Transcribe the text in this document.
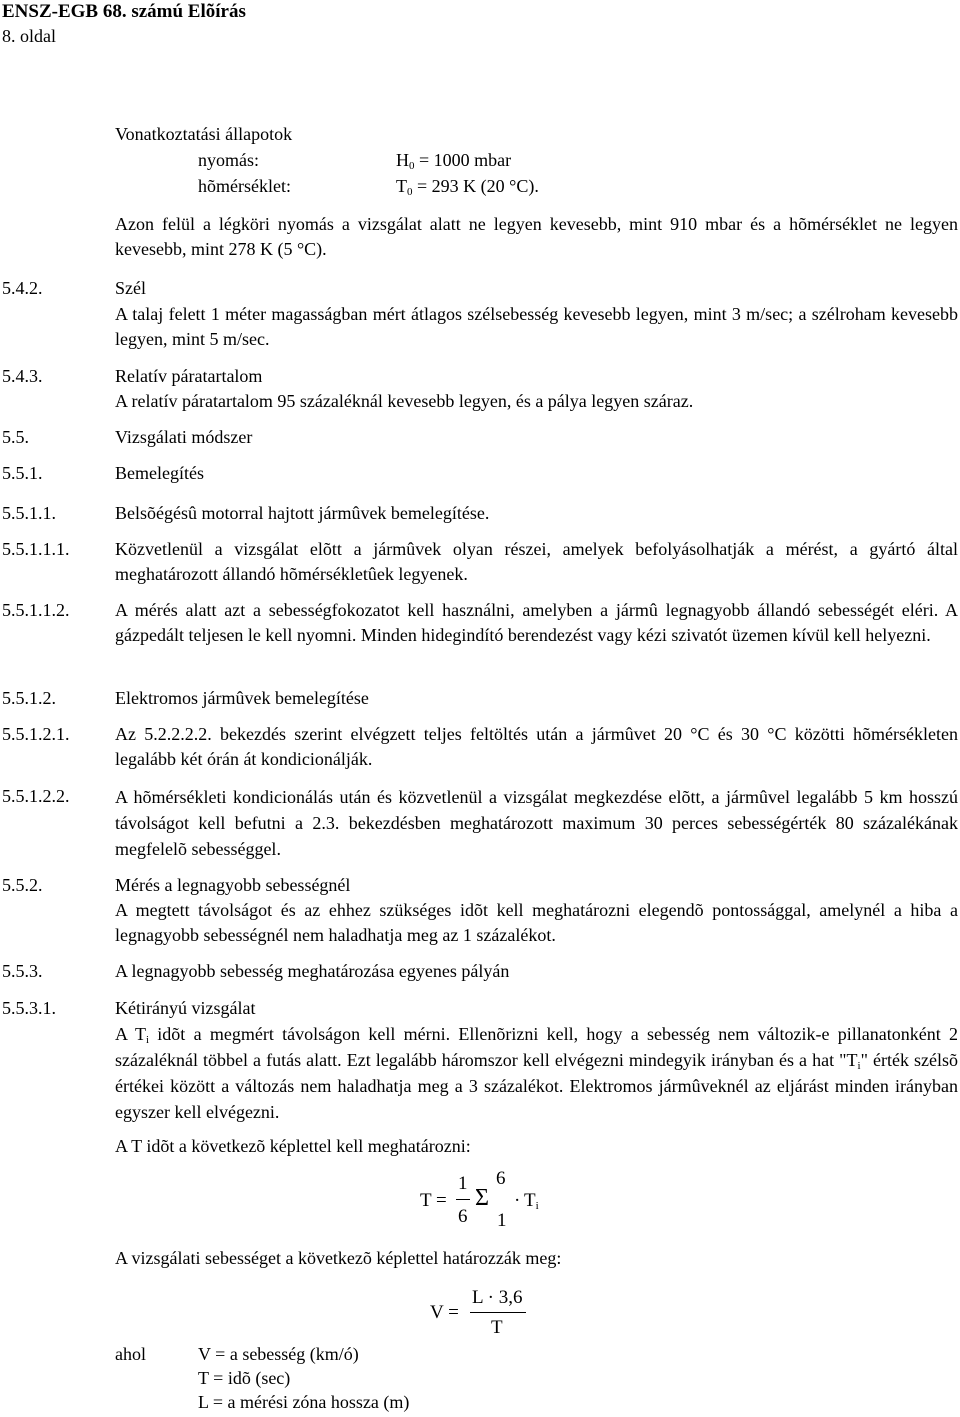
ENSZ-EGB 68. számú Elõírás
8. oldal
Vonatkoztatási állapotok
nyomás:	$H_0 = 1000$ mbar
hõmérséklet:	$T_0 = 293$ K (20 °C).
Azon felül a légköri nyomás a vizsgálat alatt ne legyen kevesebb, mint 910 mbar és a hõmérséklet ne legyen kevesebb, mint 278 K (5 °C).
5.4.2.	Szél
A talaj felett 1 méter magasságban mért átlagos szélsebesség kevesebb legyen, mint 3 m/sec; a szélroham kevesebb legyen, mint 5 m/sec.
5.4.3.	Relatív páratartalom
A relatív páratartalom 95 százaléknál kevesebb legyen, és a pálya legyen száraz.
5.5.	Vizsgálati módszer
5.5.1.	Bemelegítés
5.5.1.1.	Belsõégésû motorral hajtott jármûvek bemelegítése.
5.5.1.1.1.	Közvetlenül a vizsgálat elõtt a jármûvek olyan részei, amelyek befolyásolhatják a mérést, a gyártó által meghatározott állandó hõmérsékletûek legyenek.
5.5.1.1.2.	A mérés alatt azt a sebességfokozatot kell használni, amelyben a jármû legnagyobb állandó sebességét eléri. A gázpedált teljesen le kell nyomni. Minden hidegindító berendezést vagy kézi szivatót üzemen kívül kell helyezni.
5.5.1.2.	Elektromos jármûvek bemelegítése
5.5.1.2.1.	Az 5.2.2.2.2. bekezdés szerint elvégzett teljes feltöltés után a jármûvet 20 °C és 30 °C közötti hõmérsékleten legalább két órán át kondicionálják.
5.5.1.2.2.	A hõmérsékleti kondicionálás után és közvetlenül a vizsgálat megkezdése elõtt, a jármûvel legalább 5 km hosszú távolságot kell befutni a 2.3. bekezdésben meghatározott maximum 30 perces sebességérték 80 százalékának megfelelõ sebességgel.
5.5.2.	Mérés a legnagyobb sebességnél
A megtett távolságot és az ehhez szükséges idõt kell meghatározni elegendõ pontossággal, amelynél a hiba a legnagyobb sebességnél nem haladhatja meg az 1 százalékot.
5.5.3.	A legnagyobb sebesség meghatározása egyenes pályán
5.5.3.1.	Kétirányú vizsgálat
A $T_i$ idõt a megmért távolságon kell mérni. Ellenõrizni kell, hogy a sebesség nem változik-e pillanatonként 2 százaléknál többel a futás alatt. Ezt legalább háromszor kell elvégezni mindegyik irányban és a hat "$T_i$" érték szélsõ értékei között a változás nem haladhatja meg a 3 százalékot. Elektromos jármûveknél az eljárást minden irányban egyszer kell elvégezni.
A T idõt a következõ képlettel kell meghatározni:
T =
1
6
Σ
6
1
· $T_i$
A vizsgálati sebességet a következõ képlettel határozzák meg:
V =
L · 3,6
T
ahol	V = a sebesség (km/ó)
T = idõ (sec)
L = a mérési zóna hossza (m)
